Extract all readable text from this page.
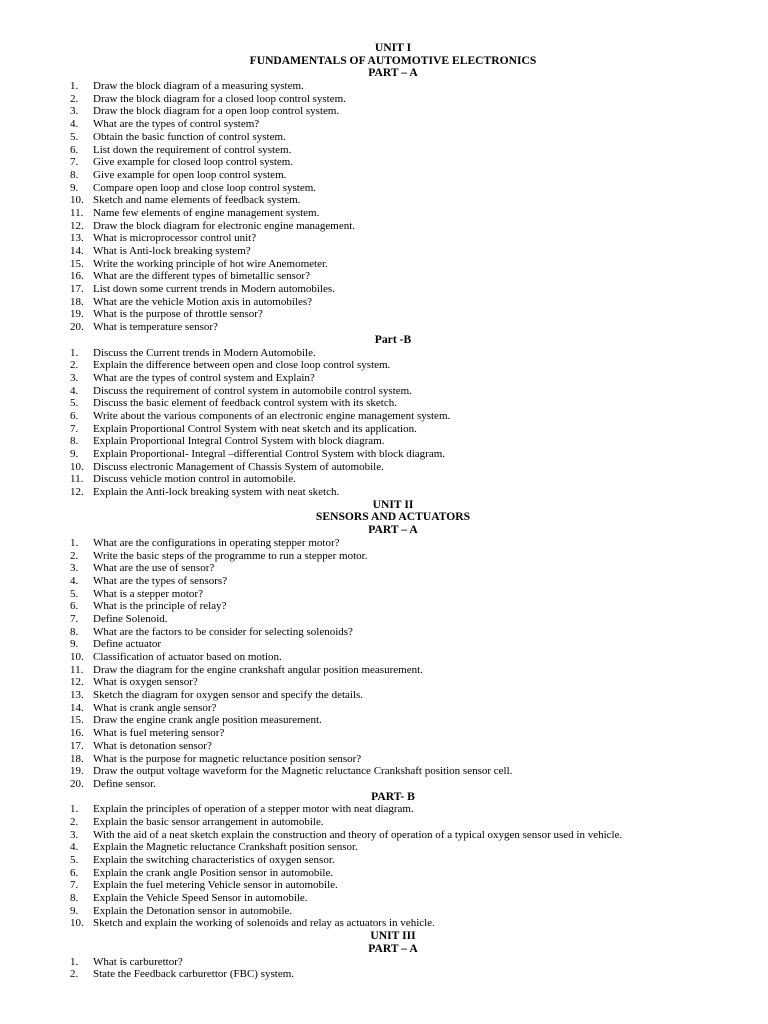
UNIT I
FUNDAMENTALS OF AUTOMOTIVE ELECTRONICS
PART – A
1. Draw the block diagram of a measuring system.
2. Draw the block diagram for a closed loop control system.
3. Draw the block diagram for a open loop control system.
4. What are the types of control system?
5. Obtain the basic function of control system.
6. List down the requirement of control system.
7. Give example for closed loop control system.
8. Give example for open loop control system.
9. Compare open loop and close loop control system.
10. Sketch and name elements of feedback system.
11. Name few elements of engine management system.
12. Draw the block diagram for electronic engine management.
13. What is microprocessor control unit?
14. What is Anti-lock breaking system?
15. Write the working principle of hot wire Anemometer.
16. What are the different types of bimetallic sensor?
17. List down some current trends in Modern automobiles.
18. What are the vehicle Motion axis in automobiles?
19. What is the purpose of throttle sensor?
20. What is temperature sensor?
Part -B
1. Discuss the Current trends in Modern Automobile.
2. Explain the difference between open and close loop control system.
3. What are the types of control system and Explain?
4. Discuss the requirement of control system in automobile control system.
5. Discuss the basic element of feedback control system with its sketch.
6. Write about the various components of an electronic engine management system.
7. Explain Proportional Control System with neat sketch and its application.
8. Explain Proportional Integral Control System with block diagram.
9. Explain Proportional- Integral –differential Control System with block diagram.
10. Discuss electronic Management of Chassis System of automobile.
11. Discuss vehicle motion control in automobile.
12. Explain the Anti-lock breaking system with neat sketch.
UNIT II
SENSORS AND ACTUATORS
PART – A
1. What are the configurations in operating stepper motor?
2. Write the basic steps of the programme to run a stepper motor.
3. What are the use of sensor?
4. What are the types of sensors?
5. What is a stepper motor?
6. What is the principle of relay?
7. Define Solenoid.
8. What are the factors to be consider for selecting solenoids?
9. Define actuator
10. Classification of actuator based on motion.
11. Draw the diagram for the engine crankshaft angular position measurement.
12. What is oxygen sensor?
13. Sketch the diagram for oxygen sensor and specify the details.
14. What is crank angle sensor?
15. Draw the engine crank angle position measurement.
16. What is fuel metering sensor?
17. What is detonation sensor?
18. What is the purpose for magnetic reluctance position sensor?
19. Draw the output voltage waveform for the Magnetic reluctance Crankshaft position sensor cell.
20. Define sensor.
PART- B
1. Explain the principles of operation of a stepper motor with neat diagram.
2. Explain the basic sensor arrangement in automobile.
3. With the aid of a neat sketch explain the construction and theory of operation of a typical oxygen sensor used in vehicle.
4. Explain the Magnetic reluctance Crankshaft position sensor.
5. Explain the switching characteristics of oxygen sensor.
6. Explain the crank angle Position sensor in automobile.
7. Explain the fuel metering Vehicle sensor in automobile.
8. Explain the Vehicle Speed Sensor in automobile.
9. Explain the Detonation sensor in automobile.
10. Sketch and explain the working of solenoids and relay as actuators in vehicle.
UNIT III
PART – A
1. What is carburettor?
2. State the Feedback carburettor (FBC) system.
